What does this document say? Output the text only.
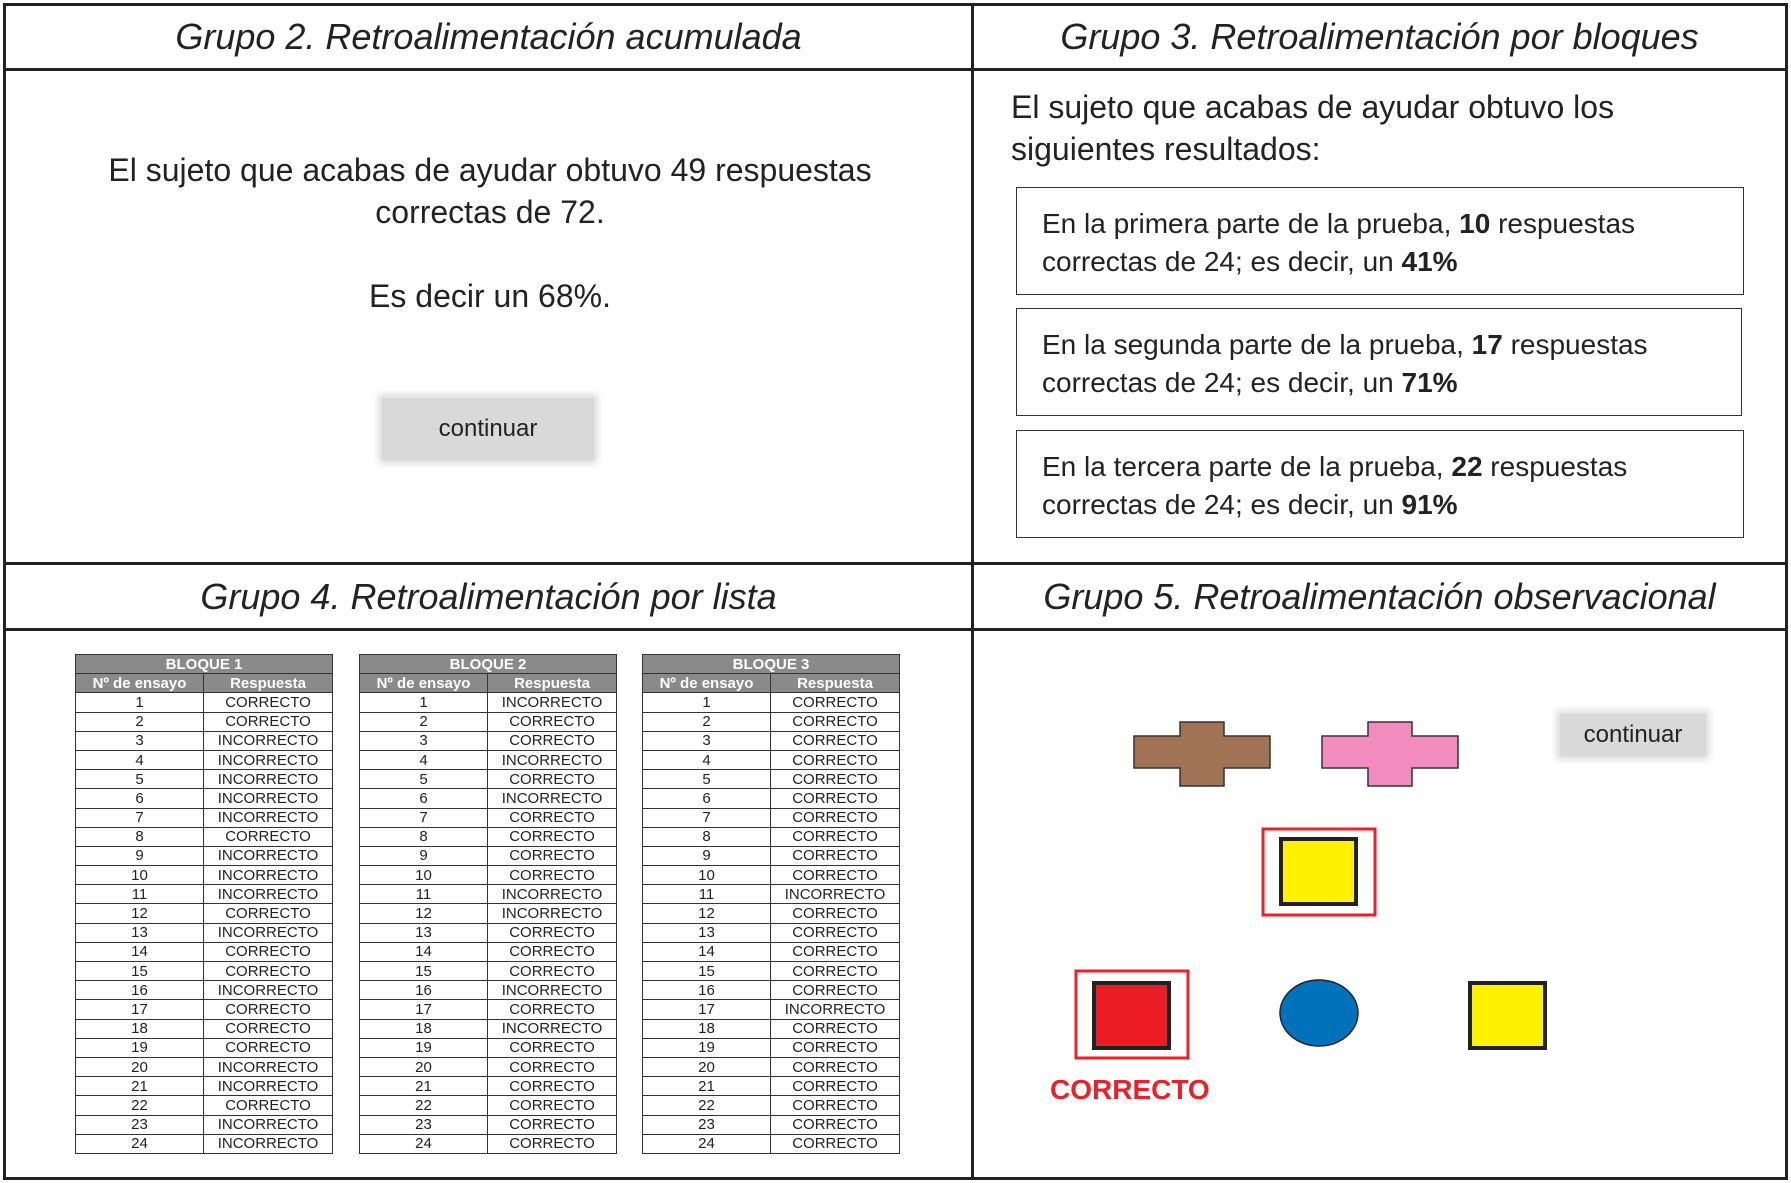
Grupo 2. Retroalimentación acumulada	Grupo 3. Retroalimentación por bloques
Grupo 4. Retroalimentación por lista	Grupo 5. Retroalimentación observacional
El sujeto que acabas de ayudar obtuvo 49 respuestas
correctas de 72.
Es decir un 68%.
continuar
El sujeto que acabas de ayudar obtuvo los
siguientes resultados:
En la primera parte de la prueba, 10 respuestas
correctas de 24; es decir, un 41%
En la segunda parte de la prueba, 17 respuestas
correctas de 24; es decir, un 71%
En la tercera parte de la prueba, 22 respuestas
correctas de 24; es decir, un 91%
BLOQUE 1	
Nº de ensayo	Respuesta
1	CORRECTO
2	CORRECTO
3	INCORRECTO
4	INCORRECTO
5	INCORRECTO
6	INCORRECTO
7	INCORRECTO
8	CORRECTO
9	INCORRECTO
10	INCORRECTO
11	INCORRECTO
12	CORRECTO
13	INCORRECTO
14	CORRECTO
15	CORRECTO
16	INCORRECTO
17	CORRECTO
18	CORRECTO
19	CORRECTO
20	INCORRECTO
21	INCORRECTO
22	CORRECTO
23	INCORRECTO
24	INCORRECTO
BLOQUE 2	
Nº de ensayo	Respuesta
1	INCORRECTO
2	CORRECTO
3	CORRECTO
4	INCORRECTO
5	CORRECTO
6	INCORRECTO
7	CORRECTO
8	CORRECTO
9	CORRECTO
10	CORRECTO
11	INCORRECTO
12	INCORRECTO
13	CORRECTO
14	CORRECTO
15	CORRECTO
16	INCORRECTO
17	CORRECTO
18	INCORRECTO
19	CORRECTO
20	CORRECTO
21	CORRECTO
22	CORRECTO
23	CORRECTO
24	CORRECTO
BLOQUE 3	
Nº de ensayo	Respuesta
1	CORRECTO
2	CORRECTO
3	CORRECTO
4	CORRECTO
5	CORRECTO
6	CORRECTO
7	CORRECTO
8	CORRECTO
9	CORRECTO
10	CORRECTO
11	INCORRECTO
12	CORRECTO
13	CORRECTO
14	CORRECTO
15	CORRECTO
16	CORRECTO
17	INCORRECTO
18	CORRECTO
19	CORRECTO
20	CORRECTO
21	CORRECTO
22	CORRECTO
23	CORRECTO
24	CORRECTO
continuar
CORRECTO
